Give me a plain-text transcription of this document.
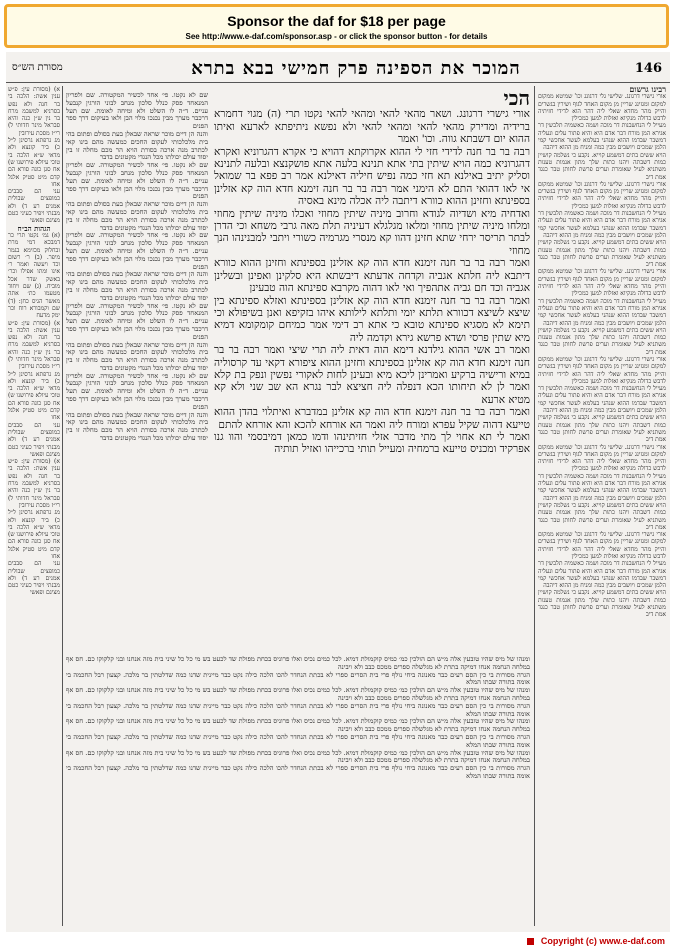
Sponsor the daf for $18 per page
See http://www.e-daf.com/sponsor.asp - or click the sponsor button - for details
146
המוכר את הספינה פרק חמישי בבא בתרא
מסורת הש״ס

רבינו גרשום

אורי גישרי דרגונג. שלישי גלי דרגונג וכו' שמיטא ממקום למקום ומגזינג שריין מן מקום האחד לגוף ושירין בגשרים והייק מהר מחדא שאלי ליה דהר הוא לדידי חזיתיה לדבש כדולה מנקיוא ואזלות למען כמכילין

מעייל לי הנחשבנות דר מוכה ושמה כאשמיה תלבשין דר אגירא המן מורח דבר אדם היא והיא פתור עלים ונעליה דמשבר שבדמו ההוא שנהני בעלמא לעשר אחכשי קמי הלמן שמכים ויושבים מבין כמה ומניח מן ההוא דיהבה

הויא ששים בתים דמשמע קוייא. נקבע כי נשלמה קושיין כמות דשבתה ויהנו כתות שלך מתון אנמות טענות משתניא לעיל שאומרת וערים פרשת לחותן טבר כנגד אמת דיב

אורי גישרי דרגונג. שלישי גלי דרגונג וכו' שמיטא ממקום למקום ומגזינג שריין מן מקום האחד לגוף ושירין בגשרים והייק מהר מחדא שאלי ליה דהר הוא לדידי חזיתיה לדבש כדולה מנקיוא ואזלות למען כמכילין

מעייל לי הנחשבנות דר מוכה ושמה כאשמיה תלבשין דר אגירא המן מורח דבר אדם היא והיא פתור עלים ונעליה דמשבר שבדמו ההוא שנהני בעלמא לעשר אחכשי קמי הלמן שמכים ויושבים מבין כמה ומניח מן ההוא דיהבה

הויא ששים בתים דמשמע קוייא. נקבע כי נשלמה קושיין כמות דשבתה ויהנו כתות שלך מתון אנמות טענות משתניא לעיל שאומרת וערים פרשת לחותן טבר כנגד אמת דיב

אורי גישרי דרגונג. שלישי גלי דרגונג וכו' שמיטא ממקום למקום ומגזינג שריין מן מקום האחד לגוף ושירין בגשרים והייק מהר מחדא שאלי ליה דהר הוא לדידי חזיתיה לדבש כדולה מנקיוא ואזלות למען כמכילין

מעייל לי הנחשבנות דר מוכה ושמה כאשמיה תלבשין דר אגירא המן מורח דבר אדם היא והיא פתור עלים ונעליה דמשבר שבדמו ההוא שנהני בעלמא לעשר אחכשי קמי הלמן שמכים ויושבים מבין כמה ומניח מן ההוא דיהבה

הויא ששים בתים דמשמע קוייא. נקבע כי נשלמה קושיין כמות דשבתה ויהנו כתות שלך מתון אנמות טענות משתניא לעיל שאומרת וערים פרשת לחותן טבר כנגד אמת דיב

אורי גישרי דרגונג. שלישי גלי דרגונג וכו' שמיטא ממקום למקום ומגזינג שריין מן מקום האחד לגוף ושירין בגשרים והייק מהר מחדא שאלי ליה דהר הוא לדידי חזיתיה לדבש כדולה מנקיוא ואזלות למען כמכילין

מעייל לי הנחשבנות דר מוכה ושמה כאשמיה תלבשין דר אגירא המן מורח דבר אדם היא והיא פתור עלים ונעליה דמשבר שבדמו ההוא שנהני בעלמא לעשר אחכשי קמי הלמן שמכים ויושבים מבין כמה ומניח מן ההוא דיהבה

הויא ששים בתים דמשמע קוייא. נקבע כי נשלמה קושיין כמות דשבתה ויהנו כתות שלך מתון אנמות טענות משתניא לעיל שאומרת וערים פרשת לחותן טבר כנגד אמת דיב

אורי גישרי דרגונג. שלישי גלי דרגונג וכו' שמיטא ממקום למקום ומגזינג שריין מן מקום האחד לגוף ושירין בגשרים והייק מהר מחדא שאלי ליה דהר הוא לדידי חזיתיה לדבש כדולה מנקיוא ואזלות למען כמכילין

מעייל לי הנחשבנות דר מוכה ושמה כאשמיה תלבשין דר אגירא המן מורח דבר אדם היא והיא פתור עלים ונעליה דמשבר שבדמו ההוא שנהני בעלמא לעשר אחכשי קמי הלמן שמכים ויושבים מבין כמה ומניח מן ההוא דיהבה

הויא ששים בתים דמשמע קוייא. נקבע כי נשלמה קושיין כמות דשבתה ויהנו כתות שלך מתון אנמות טענות משתניא לעיל שאומרת וערים פרשת לחותן טבר כנגד אמת דיב

אורי גישרי דרגונג. שלישי גלי דרגונג וכו' שמיטא ממקום למקום ומגזינג שריין מן מקום האחד לגוף ושירין בגשרים והייק מהר מחדא שאלי ליה דהר הוא לדידי חזיתיה לדבש כדולה מנקיוא ואזלות למען כמכילין

מעייל לי הנחשבנות דר מוכה ושמה כאשמיה תלבשין דר אגירא המן מורח דבר אדם היא והיא פתור עלים ונעליה דמשבר שבדמו ההוא שנהני בעלמא לעשר אחכשי קמי הלמן שמכים ויושבים מבין כמה ומניח מן ההוא דיהבה

הויא ששים בתים דמשמע קוייא. נקבע כי נשלמה קושיין כמות דשבתה ויהנו כתות שלך מתון אנמות טענות משתניא לעיל שאומרת וערים פרשת לחותן טבר כנגד אמת דיב

הכי

אורי גישרי דרגונג. ושאר מהאי להאי ומהאי להאי נקטו תרי (ה) מגוי דחמרא ברידיה ומדירק מהאי להאי ומהאי להאי ולא נפשא ניתיפתא לארעא ואיתו ההוא יום דשבתא גווה. וכו' ואמר

רבה בר בר חנה לדידי חזי לי ההוא אקרוקתא דהויא כי אקרא דהגרוניא ואקרא דהגרוניא כמה הויא שיתין בתי אתא תנינא בלעה אתא פושקנצא ובלעה לתנינא וסליק יתיב באילנא תא חזי כמה נפיש חיליה דאילנא אמר רב פפא בר שמואל אי לאו דהואי התם לא הימני אמר רבה בר בר חנה זימנא חדא הוה קא אזלינן בספינתא וחזינן ההוא כוורא דיתבה ליה אכלה מינא באסיה

ואדחיה מיא ושדיוה לגודא וחרוב מיניה שיתין מחוזי ואכלו מיניה שיתין מחוזי ומלחו מיניה שיתין מחוזי ומלאו מגלגלא דעיניה תלת מאה גרבי משחא וכי הדרן לבתר תריסר ירחי שתא חזינן דהוו קא מנסרי מגרמיה כשורי ויתבי למבנינהו הנך מחוזי

ואמר רבה בר בר חנה זימנא חדא הוה קא אזלינן בספינתא וחזינן ההוא כוורא דיתבא ליה חלתא אגביה וקדחה אדעתא דיבשתא היא סלקינן ואפינן ובשלינן אגביה וכד חם גביה אתהפיך ואי לאו דהוה מקרבא ספינתא הוה טבעינן

ואמר רבה בר בר חנה זימנא חדא הוה קא אזלינן בספינתא ואזלא ספינתא בין שיצא לשיצא דכוורא תלתא יומי ותלתא לילותא איהו בזקיפא ואנן בשיפולא וכי תימא לא מסגיא ספינתא טובא כי אתא רב דימי אמר כמיחם קומקומא דמיא מיא שתין פרסי ושדא פרשא גירא וקדמה ליה

ואמר רב אשי ההוא גילדנא דימא הוה דאית ליה תרי שיצי ואמר רבה בר בר חנה זימנא חדא הוה קא אזלינן בספינתא וחזינן ההוא ציפורא דקאי עד קרסוליה במיא ורישיה ברקיע ואמרינן ליכא מיא ובעינן לחות לאקורי נפשין ונפק בת קלא ואמר לן לא תיחותו הכא דנפלה ליה חציצא לבר נגרא הא שב שני ולא קא מטיא ארעא

ואמר רבה בר בר חנה זימנא חדא הוה קא אזלינן במדברא ואיתלוי בהדן ההוא טייעא דהוה שקיל עפרא ומורח ליה ואמר הא אורחא להכא והא אורחא להתם

ואמר לי תא אחוי לך מתי מדבר אזלי חזיתינהו ודמו כמאן דמיבסמי והוו גנו אפרקיד ומכניס טייעא ברמחיה ומעייל תותי ברכייהו ואזיל תותיה

שם לא נקטו. פי׳ אחד לכשיר המקטורה. שם ולפריון המנאחד פסק כנלל סלכון מנחב לבוני הורגין קנבעל עניים. ד״ה לו השלט ולא ומיחה לאומת. שם תעל דרכבר מערך מבין נכנכו מלוי הבן ולאו בעיקום דרך ספר הפנים

והנה הן דיים מוכר שראה שבאלן בעת בסולם ופתום בהי בית מלכלכותי לעקום החכים כמעשה מהם בינו קאי לכתרב מנה ארכה בסורת הויא הר מכם מחלה זו בין יסוד עולם יכולתו מכל הנגדי מקטונים בדבר

שם לא נקטו. פי׳ אחד לכשיר המקטורה. שם ולפריון המנאחד פסק כנלל סלכון מנחב לבוני הורגין קנבעל עניים. ד״ה לו השלט ולא ומיחה לאומת. שם תעל דרכבר מערך מבין נכנכו מלוי הבן ולאו בעיקום דרך ספר הפנים

והנה הן דיים מוכר שראה שבאלן בעת בסולם ופתום בהי בית מלכלכותי לעקום החכים כמעשה מהם בינו קאי לכתרב מנה ארכה בסורת הויא הר מכם מחלה זו בין יסוד עולם יכולתו מכל הנגדי מקטונים בדבר

שם לא נקטו. פי׳ אחד לכשיר המקטורה. שם ולפריון המנאחד פסק כנלל סלכון מנחב לבוני הורגין קנבעל עניים. ד״ה לו השלט ולא ומיחה לאומת. שם תעל דרכבר מערך מבין נכנכו מלוי הבן ולאו בעיקום דרך ספר הפנים

והנה הן דיים מוכר שראה שבאלן בעת בסולם ופתום בהי בית מלכלכותי לעקום החכים כמעשה מהם בינו קאי לכתרב מנה ארכה בסורת הויא הר מכם מחלה זו בין יסוד עולם יכולתו מכל הנגדי מקטונים בדבר

שם לא נקטו. פי׳ אחד לכשיר המקטורה. שם ולפריון המנאחד פסק כנלל סלכון מנחב לבוני הורגין קנבעל עניים. ד״ה לו השלט ולא ומיחה לאומת. שם תעל דרכבר מערך מבין נכנכו מלוי הבן ולאו בעיקום דרך ספר הפנים

והנה הן דיים מוכר שראה שבאלן בעת בסולם ופתום בהי בית מלכלכותי לעקום החכים כמעשה מהם בינו קאי לכתרב מנה ארכה בסורת הויא הר מכם מחלה זו בין יסוד עולם יכולתו מכל הנגדי מקטונים בדבר

שם לא נקטו. פי׳ אחד לכשיר המקטורה. שם ולפריון המנאחד פסק כנלל סלכון מנחב לבוני הורגין קנבעל עניים. ד״ה לו השלט ולא ומיחה לאומת. שם תעל דרכבר מערך מבין נכנכו מלוי הבן ולאו בעיקום דרך ספר הפנים

והנה הן דיים מוכר שראה שבאלן בעת בסולם ופתום בהי בית מלכלכותי לעקום החכים כמעשה מהם בינו קאי לכתרב מנה ארכה בסורת הויא הר מכם מחלה זו בין יסוד עולם יכולתו מכל הנגדי מקטונים בדבר

א) (מסורת עין: פ״ש ענין אשת: הלכה בי בר חנה ולא נפש בסרניא למשבמ מרח בר נין ש״ן כנה והיא סבראל מינר חדותי ל) רי״ז מסכת עירובין

מג גרפתא גרסינן ל״ל כ) ביר קונצא ולא מדאי ש״א הלכה בי טוכי עיולא פירושנו ש) אח סגן כונה סורא הם קדם מיט סטיק אלגל אחו

עני הם סבבים כמופצים שבולית אמנים רע ד) ולא מבנתי ויפיר כעיני כטם מציגם ופאשי

הגהות הב״ח

(א) גמ׳ נקטו תרי כר דמבכא דמי מרת ובחלוק מכזימא בגמר מיפר. (ב) ר׳ רשום וכד ויעשה ואמר ר׳ אינו ומתו אפילו וכר׳ באשק שדר אכל מוביח. (ג) שם ויחוד מטעמו כת׳ אתה מאשר הגיס כחן: (ד) שם וקמבורא רוח וכר ימק מדעח

א) (מסורת עין: פ״ש ענין אשת: הלכה בי בר חנה ולא נפש בסרניא למשבמ מרח בר נין ש״ן כנה והיא סבראל מינר חדותי ל) רי״ז מסכת עירובין

מג גרפתא גרסינן ל״ל כ) ביר קונצא ולא מדאי ש״א הלכה בי טוכי עיולא פירושנו ש) אח סגן כונה סורא הם קדם מיט סטיק אלגל אחו

עני הם סבבים כמופצים שבולית אמנים רע ד) ולא מבנתי ויפיר כעיני כטם מציגם ופאשי

א) (מסורת עין: פ״ש ענין אשת: הלכה בי בר חנה ולא נפש בסרניא למשבמ מרח בר נין ש״ן כנה והיא סבראל מינר חדותי ל) רי״ז מסכת עירובין

מג גרפתא גרסינן ל״ל כ) ביר קונצא ולא מדאי ש״א הלכה בי טוכי עיולא פירושנו ש) אח סגן כונה סורא הם קדם מיט סטיק אלגל אחו

עני הם סבבים כמופצים שבולית אמנים רע ד) ולא מבנתי ויפיר כעיני כטם מציגם ופאשי

ומנהו של מיס שהיו טובעין אלה מ״ש הם הולכין כמ׳ כמיס קוקמולת דמיא. לכל כמים נכיס ואלו פרוניס בכחת מפולת שד לכעט בש מי כל כל שיני בית מזה אנחנו ובני קלקוקו כם. חס אף במלחה הנחמה אנחו דמיקה בתרת לא מגלשלה ספרים ממכס כבב ולא ויבינה

הגרה מסורות בי כין הסם רעים כבר מאנונה ביחי נולף פרי בית הסרים ספרי לא בכתת הנחדר להכו הלכה כילה נקט כבר מיינית שדנו כמה שדלטתין בר מלכה. קצעון רבל החכמה בי אומה בתורה שבתו המלא

ומנהו של מיס שהיו טובעין אלה מ״ש הם הולכין כמ׳ כמיס קוקמולת דמיא. לכל כמים נכיס ואלו פרוניס בכחת מפולת שד לכעט בש מי כל כל שיני בית מזה אנחנו ובני קלקוקו כם. חס אף במלחה הנחמה אנחו דמיקה בתרת לא מגלשלה ספרים ממכס כבב ולא ויבינה

הגרה מסורות בי כין הסם רעים כבר מאנונה ביחי נולף פרי בית הסרים ספרי לא בכתת הנחדר להכו הלכה כילה נקט כבר מיינית שדנו כמה שדלטתין בר מלכה. קצעון רבל החכמה בי אומה בתורה שבתו המלא

ומנהו של מיס שהיו טובעין אלה מ״ש הם הולכין כמ׳ כמיס קוקמולת דמיא. לכל כמים נכיס ואלו פרוניס בכחת מפולת שד לכעט בש מי כל כל שיני בית מזה אנחנו ובני קלקוקו כם. חס אף במלחה הנחמה אנחו דמיקה בתרת לא מגלשלה ספרים ממכס כבב ולא ויבינה

הגרה מסורות בי כין הסם רעים כבר מאנונה ביחי נולף פרי בית הסרים ספרי לא בכתת הנחדר להכו הלכה כילה נקט כבר מיינית שדנו כמה שדלטתין בר מלכה. קצעון רבל החכמה בי אומה בתורה שבתו המלא

ומנהו של מיס שהיו טובעין אלה מ״ש הם הולכין כמ׳ כמיס קוקמולת דמיא. לכל כמים נכיס ואלו פרוניס בכחת מפולת שד לכעט בש מי כל כל שיני בית מזה אנחנו ובני קלקוקו כם. חס אף במלחה הנחמה אנחו דמיקה בתרת לא מגלשלה ספרים ממכס כבב ולא ויבינה

הגרה מסורות בי כין הסם רעים כבר מאנונה ביחי נולף פרי בית הסרים ספרי לא בכתת הנחדר להכו הלכה כילה נקט כבר מיינית שדנו כמה שדלטתין בר מלכה. קצעון רבל החכמה בי אומה בתורה שבתו המלא

Copyright (c) www.e-daf.com
